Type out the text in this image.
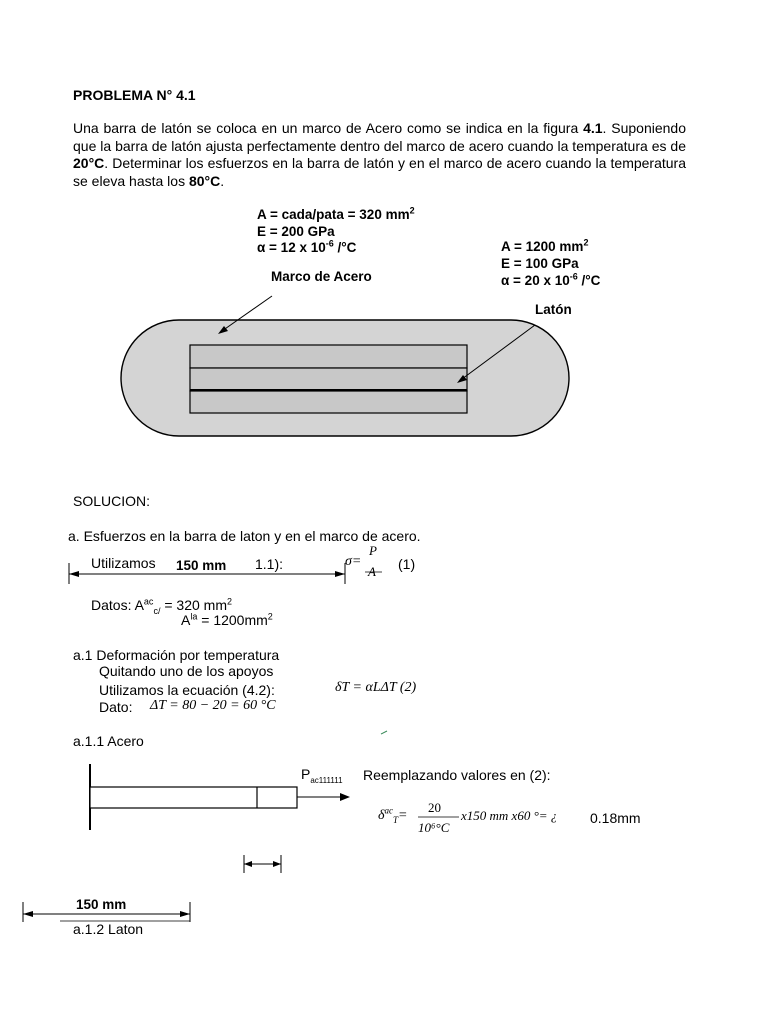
PROBLEMA N° 4.1
Una barra de latón se coloca en un marco de Acero como se indica en la figura 4.1. Suponiendo que la barra de latón ajusta perfectamente dentro del marco de acero cuando la temperatura es de 20°C. Determinar los esfuerzos en la barra de latón y en el marco de acero cuando la temperatura se eleva hasta los 80°C.
A = cada/pata = 320 $mm^2$
E = 200 GPa
α = 12 x $10^{-6}$ /°C
Marco de Acero
A = 1200 $mm^2$
E = 100 GPa
α = 20 x $10^{-6}$ /°C
Latón
SOLUCION:
a. Esfuerzos en la barra de laton y en el marco de acero.
Utilizamos 150 mm 1.1):	σ=
P
A (1)
Datos: $A^{ac}_{c/} = 320$ $mm^2$
$A^{la} = 1200mm^2$
a.1 Deformación por temperatura
Quitando uno de los apoyos
Utilizamos la ecuación (4.2):	δT = αLΔT (2)
Dato: ΔT = 80 − 20 = 60 °C
a.1.1 Acero
$P_{ac111111}$ Reemplazando valores en (2):
$\delta^{ac}_T=$
20
10⁶°C
x150 mm x60 °= ¿ 0.18mm
150 mm
a.1.2 Laton
